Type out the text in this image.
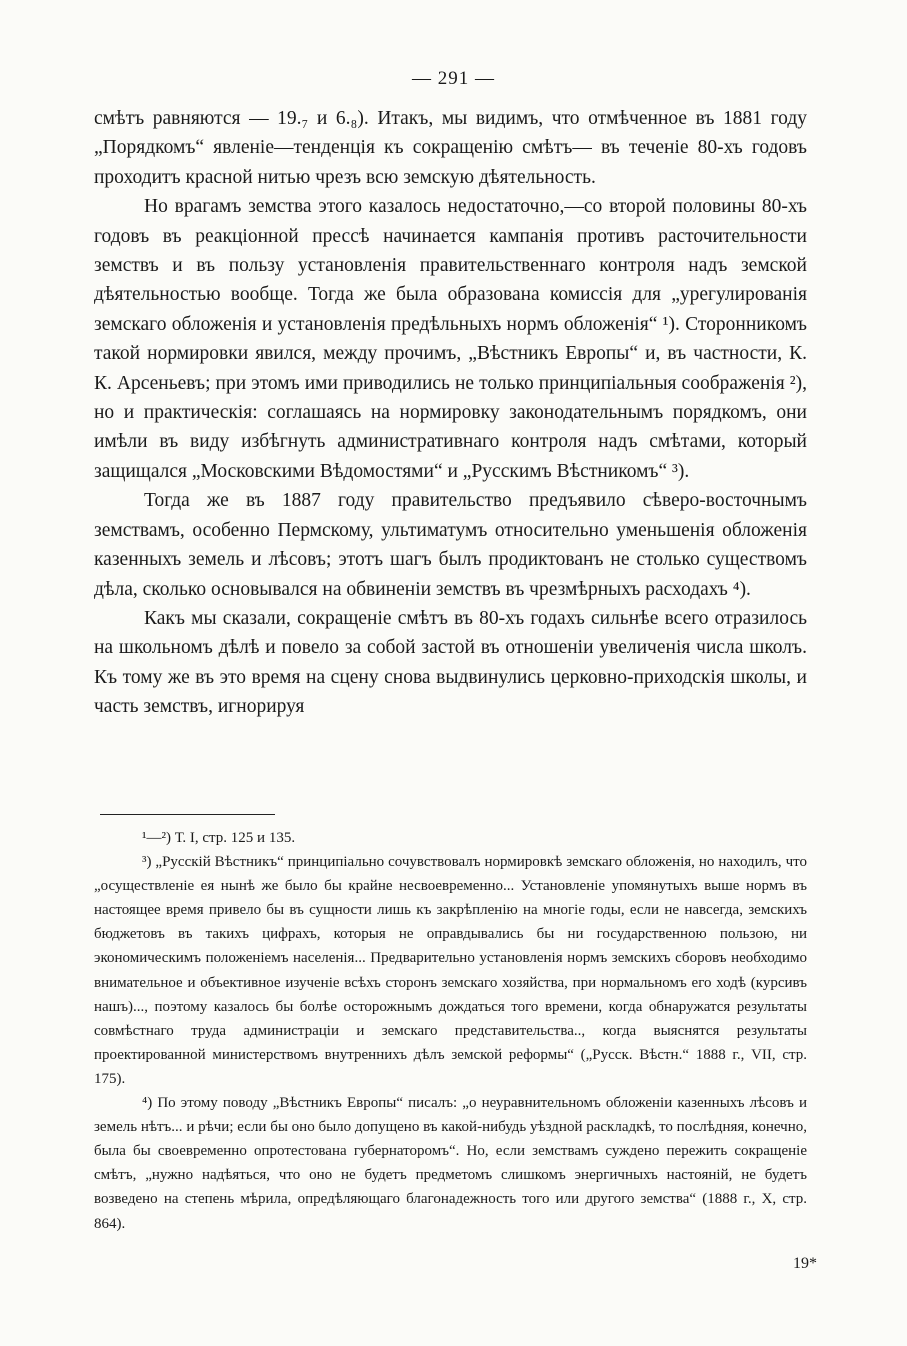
— 291 —

смѣтъ равняются — 19.₇ и 6.₈). Итакъ, мы видимъ, что отмѣченное въ 1881 году „Порядкомъ“ явленіе—тенденція къ сокращенію смѣтъ— въ теченіе 80-хъ годовъ проходитъ красной нитью чрезъ всю земскую дѣятельность.

Но врагамъ земства этого казалось недостаточно,—со второй половины 80-хъ годовъ въ реакціонной прессѣ начинается кампанія противъ расточительности земствъ и въ пользу установленія правительственнаго контроля надъ земской дѣятельностью вообще. Тогда же была образована комиссія для „урегулированія земскаго обложенія и установленія предѣльныхъ нормъ обложенія“ ¹). Сторонникомъ такой нормировки явился, между прочимъ, „Вѣстникъ Европы“ и, въ частности, К. К. Арсеньевъ; при этомъ ими приводились не только принципіальныя соображенія ²), но и практическія: соглашаясь на нормировку законодательнымъ порядкомъ, они имѣли въ виду избѣгнуть административнаго контроля надъ смѣтами, который защищался „Московскими Вѣдомостями“ и „Русскимъ Вѣстникомъ“ ³).

Тогда же въ 1887 году правительство предъявило сѣверо-восточнымъ земствамъ, особенно Пермскому, ультиматумъ относительно уменьшенія обложенія казенныхъ земель и лѣсовъ; этотъ шагъ былъ продиктованъ не столько существомъ дѣла, сколько основывался на обвиненіи земствъ въ чрезмѣрныхъ расходахъ ⁴).

Какъ мы сказали, сокращеніе смѣтъ въ 80-хъ годахъ сильнѣе всего отразилось на школьномъ дѣлѣ и повело за собой застой въ отношеніи увеличенія числа школъ. Къ тому же въ это время на сцену снова выдвинулись церковно-приходскія школы, и часть земствъ, игнорируя

¹—²) Т. I, стр. 125 и 135.

³) „Русскій Вѣстникъ“ принципіально сочувствовалъ нормировкѣ земскаго обложенія, но находилъ, что „осуществленіе ея нынѣ же было бы крайне несвоевременно... Установленіе упомянутыхъ выше нормъ въ настоящее время привело бы въ сущности лишь къ закрѣпленію на многіе годы, если не навсегда, земскихъ бюджетовъ въ такихъ цифрахъ, которыя не оправдывались бы ни государственною пользою, ни экономическимъ положеніемъ населенія... Предварительно установленія нормъ земскихъ сборовъ необходимо внимательное и объективное изученіе всѣхъ сторонъ земскаго хозяйства, при нормальномъ его ходѣ (курсивъ нашъ)..., поэтому казалось бы болѣе осторожнымъ дождаться того времени, когда обнаружатся результаты совмѣстнаго труда администраціи и земскаго представительства.., когда выяснятся результаты проектированной министерствомъ внутреннихъ дѣлъ земской реформы“ („Русск. Вѣстн.“ 1888 г., VII, стр. 175).

⁴) По этому поводу „Вѣстникъ Европы“ писалъ: „о неуравнительномъ обложеніи казенныхъ лѣсовъ и земель нѣтъ... и рѣчи; если бы оно было допущено въ какой-нибудь уѣздной раскладкѣ, то послѣдняя, конечно, была бы своевременно опротестована губернаторомъ“. Но, если земствамъ суждено пережить сокращеніе смѣтъ, „нужно надѣяться, что оно не будетъ предметомъ слишкомъ энергичныхъ настояній, не будетъ возведено на степень мѣрила, опредѣляющаго благонадежность того или другого земства“ (1888 г., X, стр. 864).

19*
